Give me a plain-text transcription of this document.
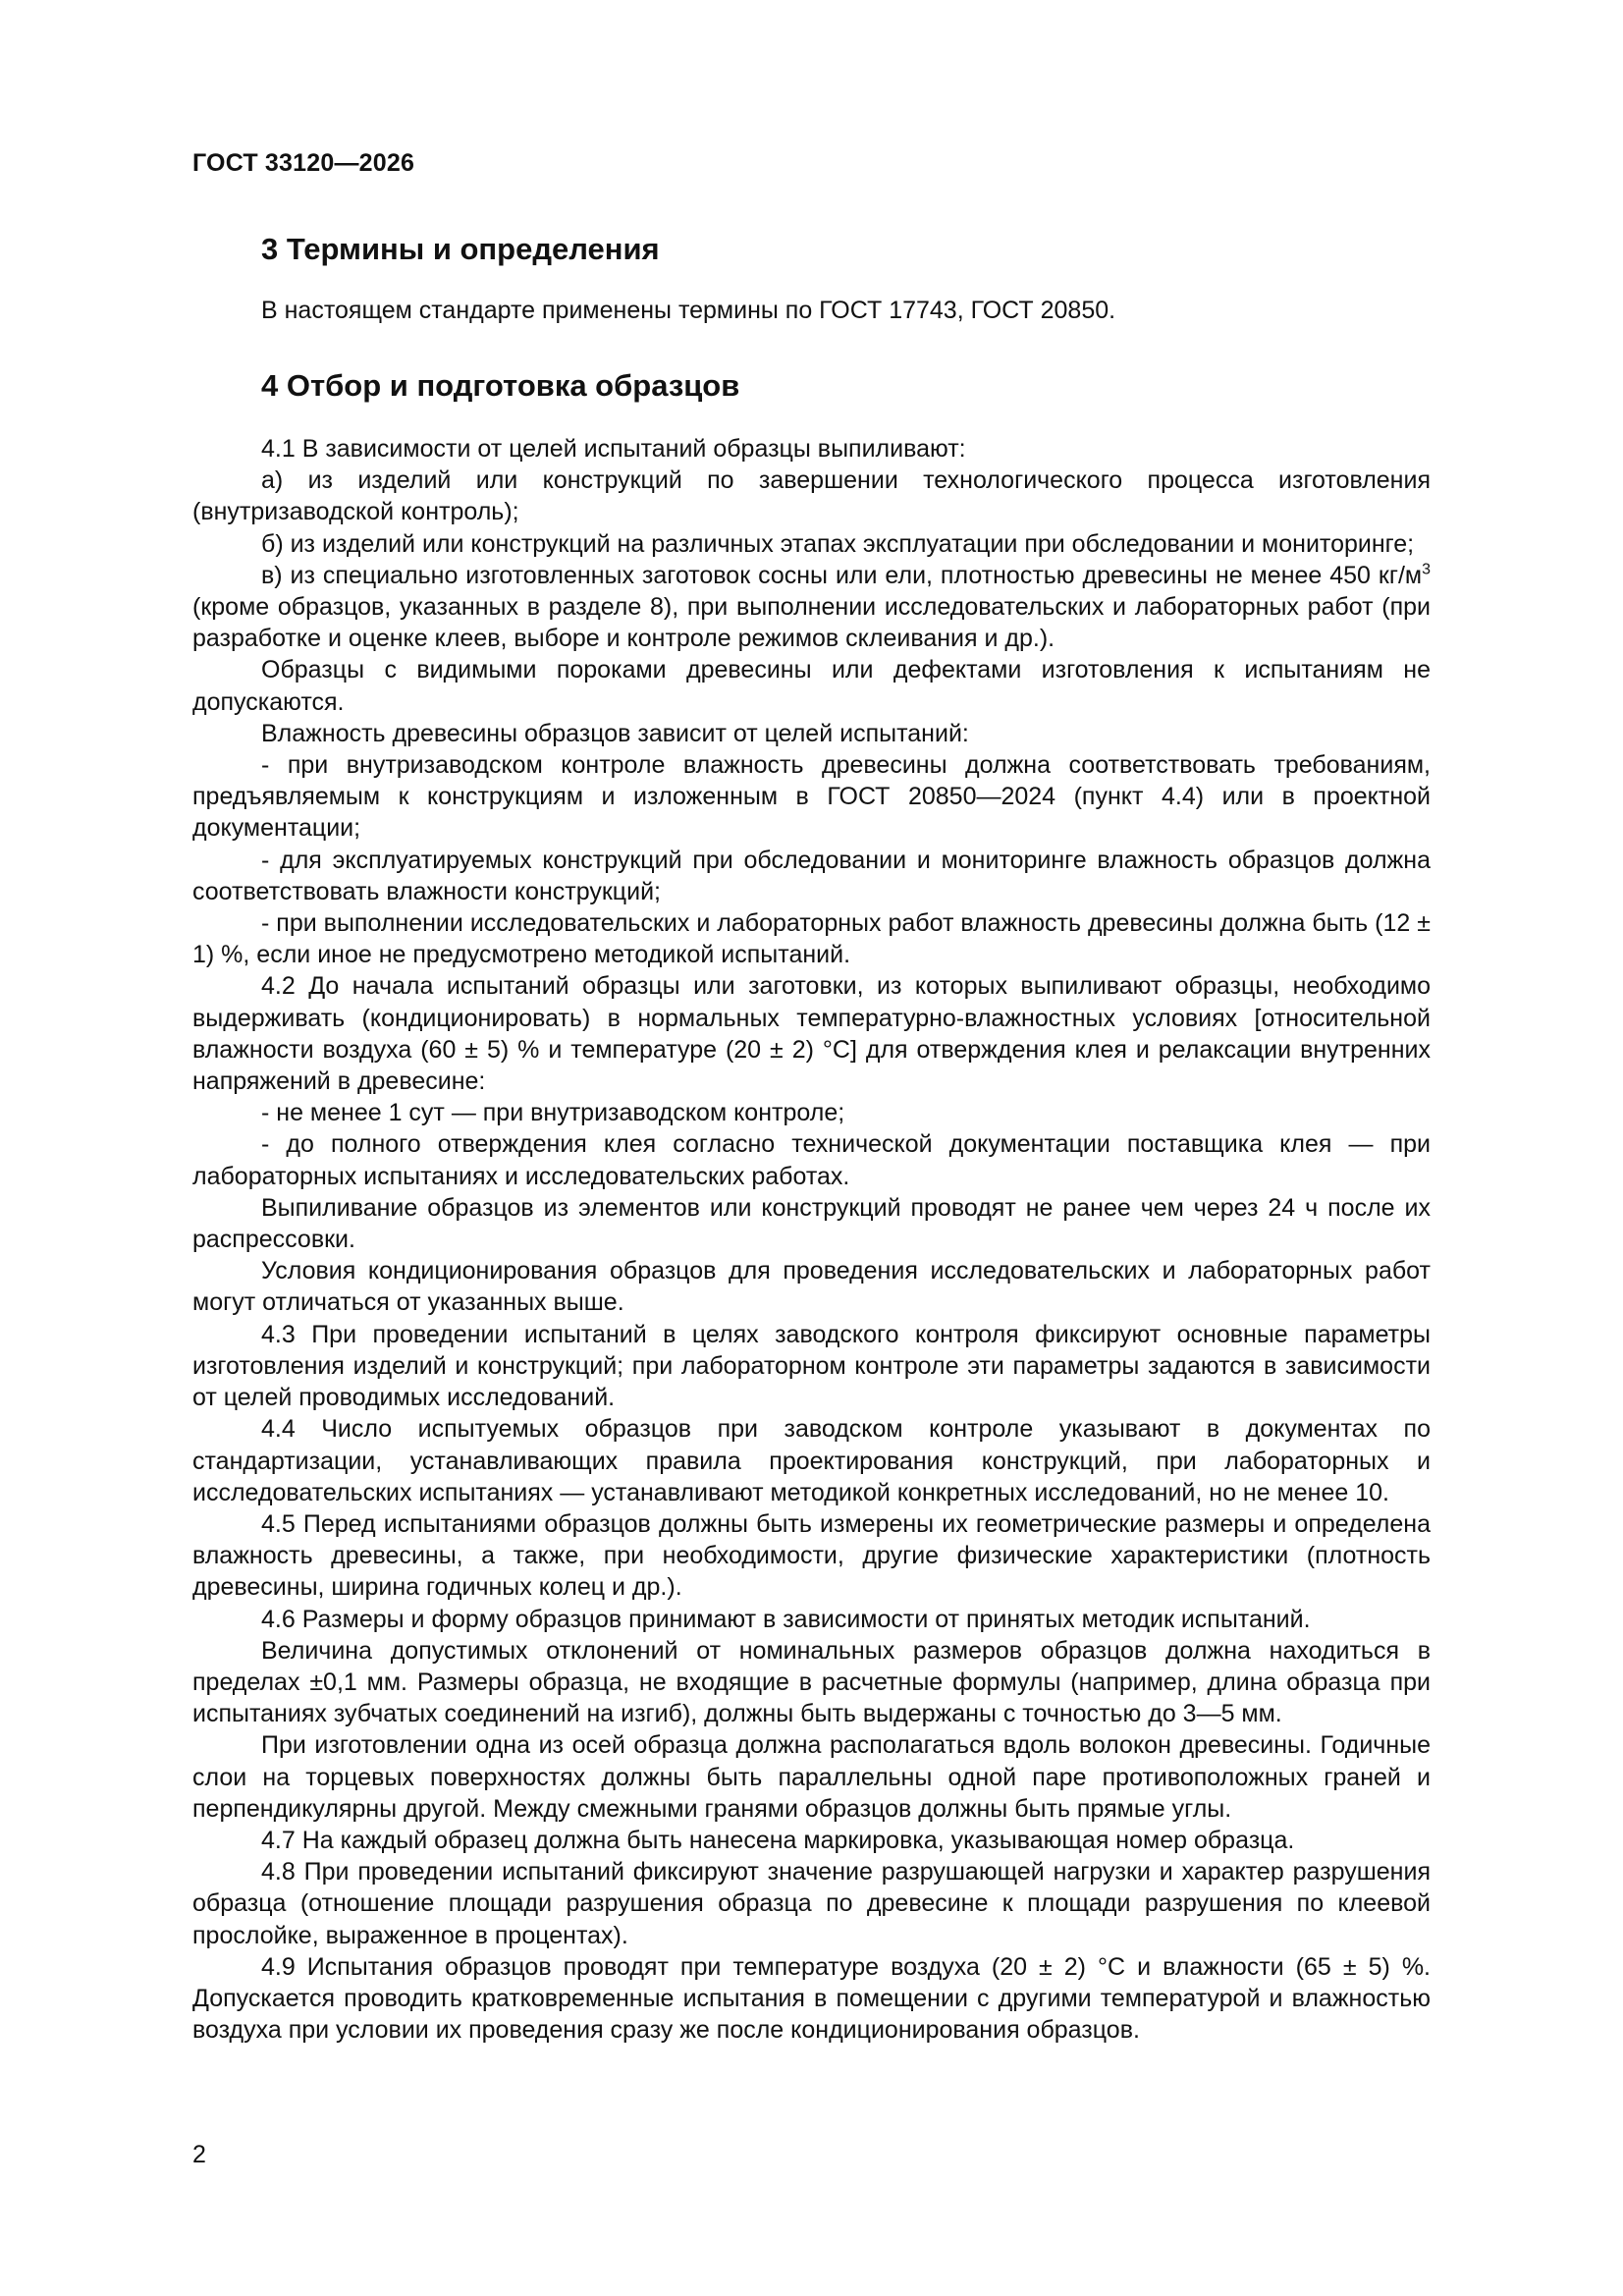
ГОСТ 33120—2026
3 Термины и определения

В настоящем стандарте применены термины по ГОСТ 17743, ГОСТ 20850.

4 Отбор и подготовка образцов

4.1 В зависимости от целей испытаний образцы выпиливают:

а) из изделий или конструкций по завершении технологического процесса изготовления (внутризаводской контроль);

б) из изделий или конструкций на различных этапах эксплуатации при обследовании и мониторинге;

в) из специально изготовленных заготовок сосны или ели, плотностью древесины не менее 450 $кг/м^3$ (кроме образцов, указанных в разделе 8), при выполнении исследовательских и лабораторных работ (при разработке и оценке клеев, выборе и контроле режимов склеивания и др.).

Образцы с видимыми пороками древесины или дефектами изготовления к испытаниям не допускаются.

Влажность древесины образцов зависит от целей испытаний:

- при внутризаводском контроле влажность древесины должна соответствовать требованиям, предъявляемым к конструкциям и изложенным в ГОСТ 20850—2024 (пункт 4.4) или в проектной документации;

- для эксплуатируемых конструкций при обследовании и мониторинге влажность образцов должна соответствовать влажности конструкций;

- при выполнении исследовательских и лабораторных работ влажность древесины должна быть (12 ± 1) %, если иное не предусмотрено методикой испытаний.

4.2 До начала испытаний образцы или заготовки, из которых выпиливают образцы, необходимо выдерживать (кондиционировать) в нормальных температурно-влажностных условиях [относительной влажности воздуха (60 ± 5) % и температуре (20 ± 2) °С] для отверждения клея и релаксации внутренних напряжений в древесине:

- не менее 1 сут — при внутризаводском контроле;

- до полного отверждения клея согласно технической документации поставщика клея — при лабораторных испытаниях и исследовательских работах.

Выпиливание образцов из элементов или конструкций проводят не ранее чем через 24 ч после их распрессовки.

Условия кондиционирования образцов для проведения исследовательских и лабораторных работ могут отличаться от указанных выше.

4.3 При проведении испытаний в целях заводского контроля фиксируют основные параметры изготовления изделий и конструкций; при лабораторном контроле эти параметры задаются в зависимости от целей проводимых исследований.

4.4 Число испытуемых образцов при заводском контроле указывают в документах по стандартизации, устанавливающих правила проектирования конструкций, при лабораторных и исследовательских испытаниях — устанавливают методикой конкретных исследований, но не менее 10.

4.5 Перед испытаниями образцов должны быть измерены их геометрические размеры и определена влажность древесины, а также, при необходимости, другие физические характеристики (плотность древесины, ширина годичных колец и др.).

4.6 Размеры и форму образцов принимают в зависимости от принятых методик испытаний.

Величина допустимых отклонений от номинальных размеров образцов должна находиться в пределах ±0,1 мм. Размеры образца, не входящие в расчетные формулы (например, длина образца при испытаниях зубчатых соединений на изгиб), должны быть выдержаны с точностью до 3—5 мм.

При изготовлении одна из осей образца должна располагаться вдоль волокон древесины. Годичные слои на торцевых поверхностях должны быть параллельны одной паре противоположных граней и перпендикулярны другой. Между смежными гранями образцов должны быть прямые углы.

4.7 На каждый образец должна быть нанесена маркировка, указывающая номер образца.

4.8 При проведении испытаний фиксируют значение разрушающей нагрузки и характер разрушения образца (отношение площади разрушения образца по древесине к площади разрушения по клеевой прослойке, выраженное в процентах).

4.9 Испытания образцов проводят при температуре воздуха (20 ± 2) °С и влажности (65 ± 5) %. Допускается проводить кратковременные испытания в помещении с другими температурой и влажностью воздуха при условии их проведения сразу же после кондиционирования образцов.

2
